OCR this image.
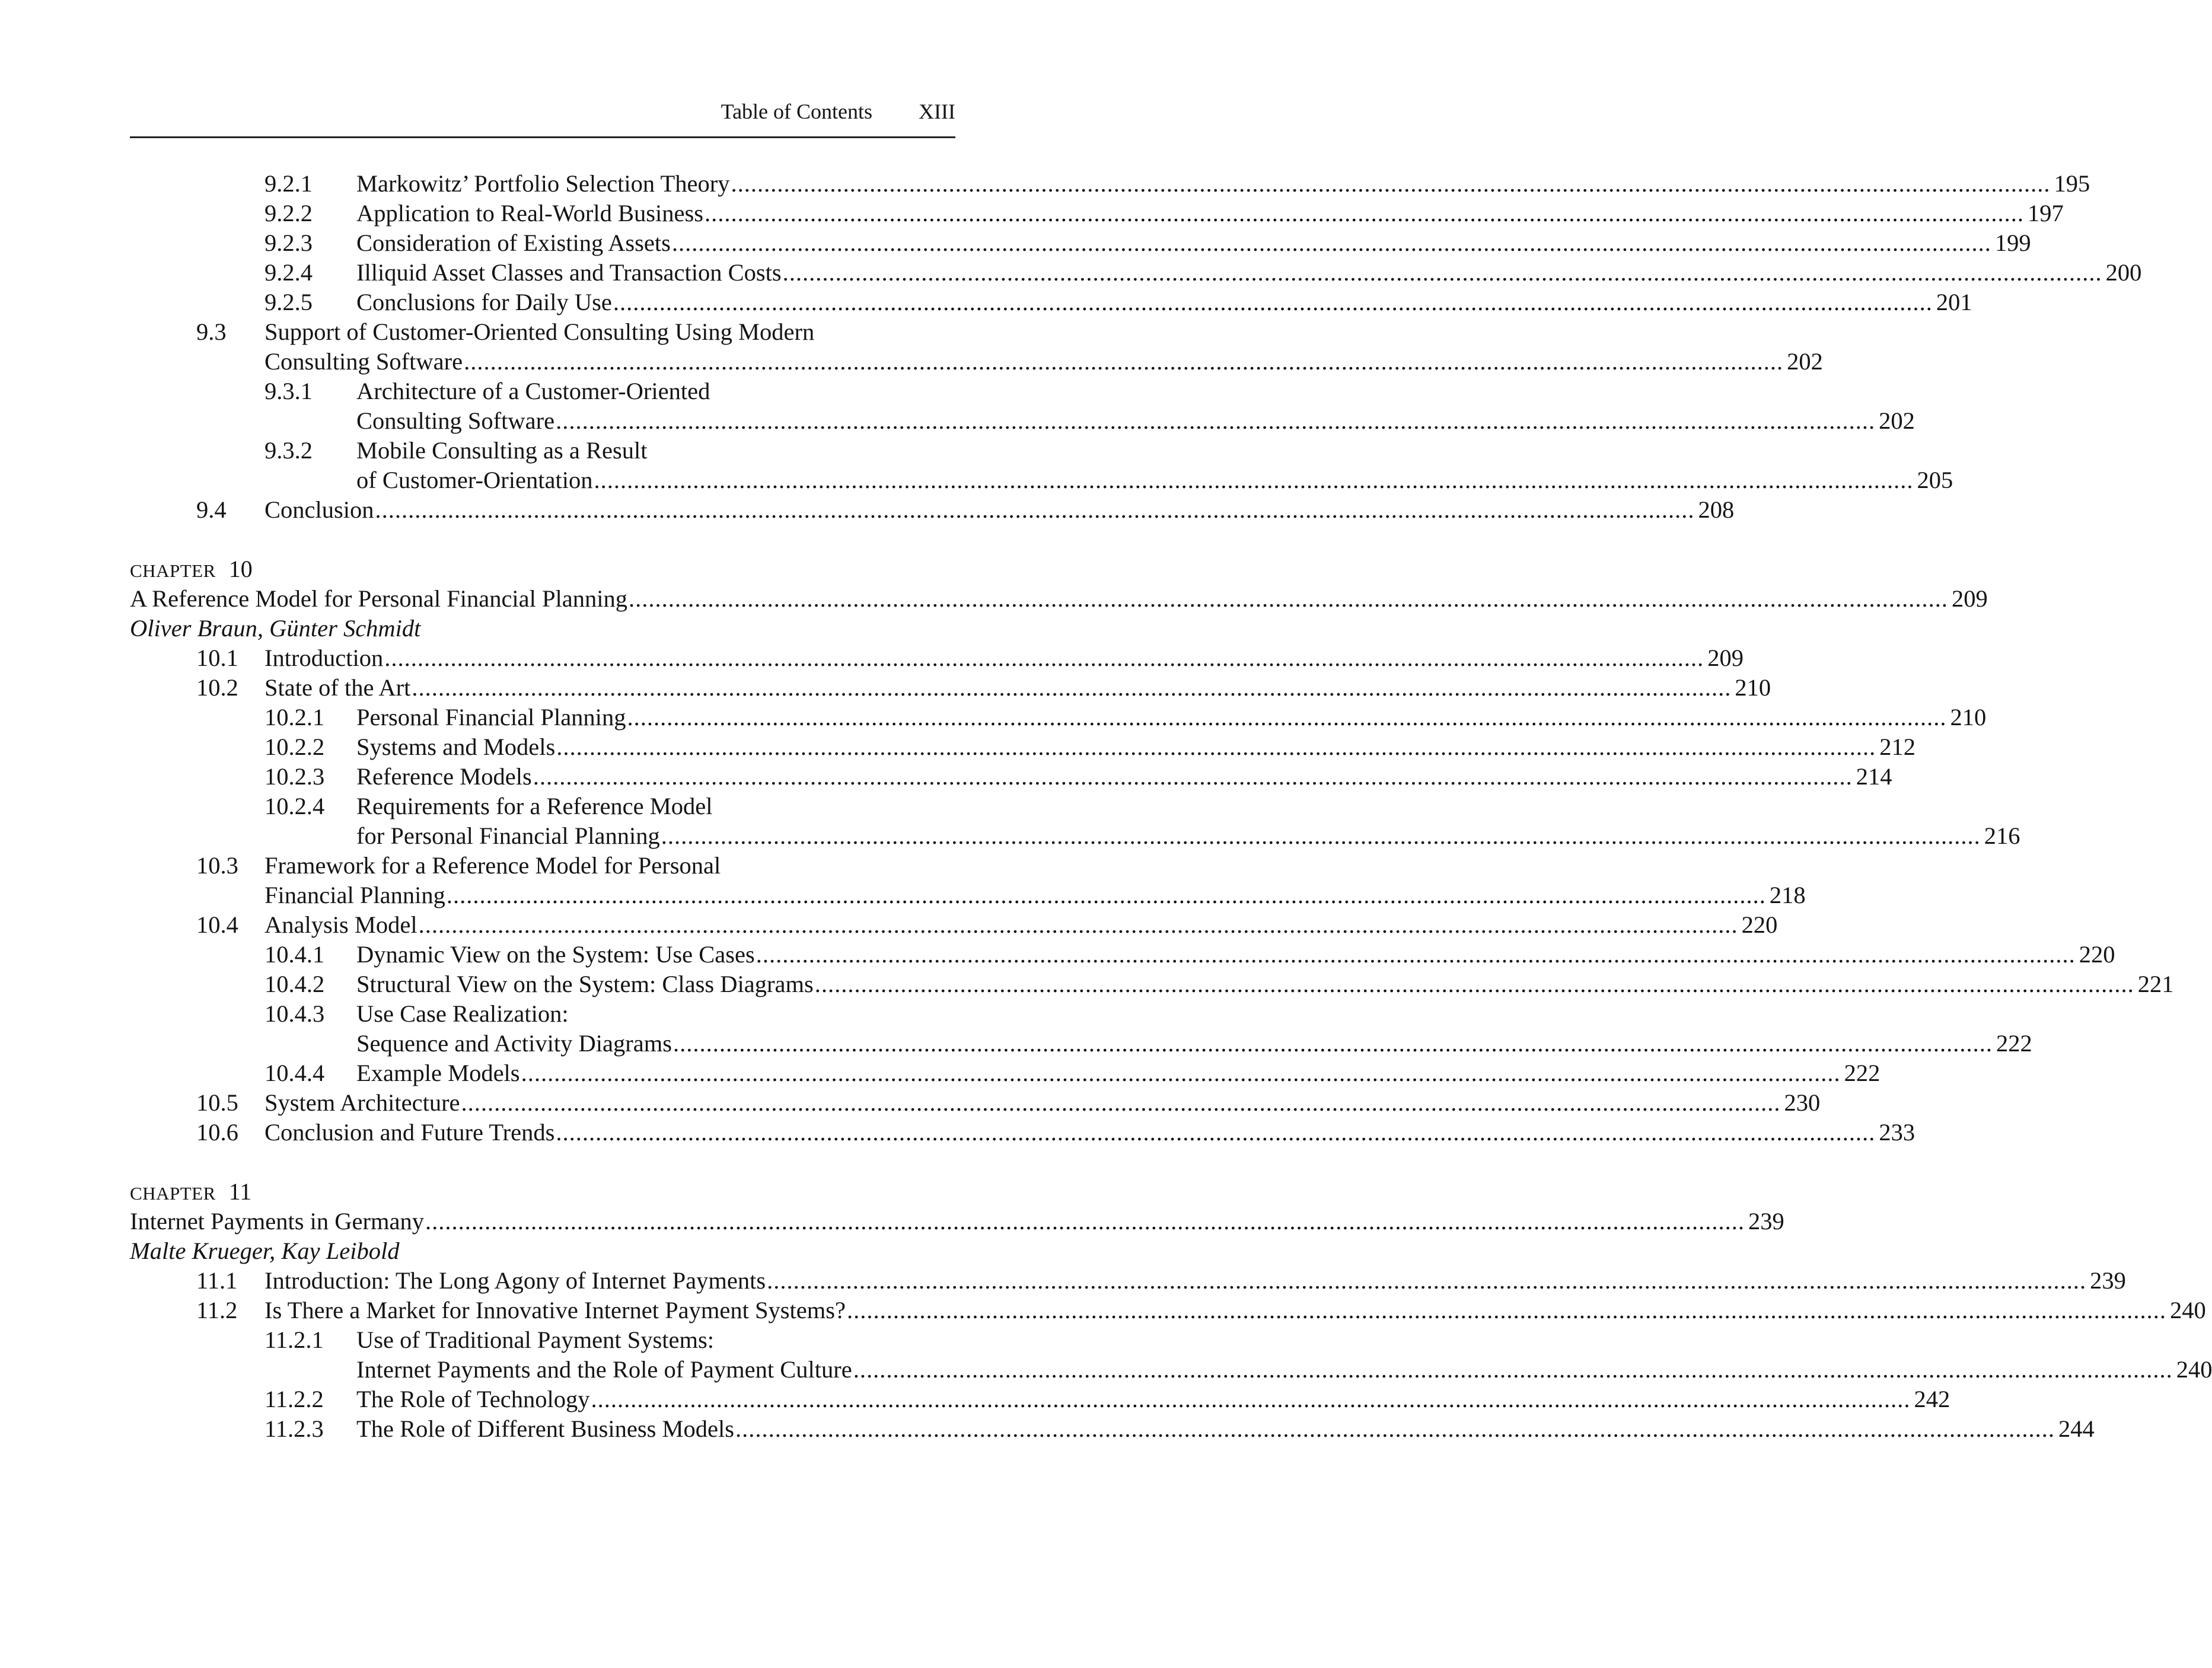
Table of Contents XIII
9.2.1 Markowitz’ Portfolio Selection Theory ........................................................................................................................................................................................................ 195
9.2.2 Application to Real-World Business ........................................................................................................................................................................................................ 197
9.2.3 Consideration of Existing Assets ........................................................................................................................................................................................................ 199
9.2.4 Illiquid Asset Classes and Transaction Costs ........................................................................................................................................................................................................ 200
9.2.5 Conclusions for Daily Use ........................................................................................................................................................................................................ 201
9.3 Support of Customer-Oriented Consulting Using Modern
Consulting Software ........................................................................................................................................................................................................ 202
9.3.1 Architecture of a Customer-Oriented
Consulting Software ........................................................................................................................................................................................................ 202
9.3.2 Mobile Consulting as a Result
of Customer-Orientation ........................................................................................................................................................................................................ 205
9.4 Conclusion ........................................................................................................................................................................................................ 208
CHAPTER 10
A Reference Model for Personal Financial Planning ........................................................................................................................................................................................................ 209
Oliver Braun, Günter Schmidt
10.1 Introduction ........................................................................................................................................................................................................ 209
10.2 State of the Art ........................................................................................................................................................................................................ 210
10.2.1 Personal Financial Planning ........................................................................................................................................................................................................ 210
10.2.2 Systems and Models ........................................................................................................................................................................................................ 212
10.2.3 Reference Models ........................................................................................................................................................................................................ 214
10.2.4 Requirements for a Reference Model
for Personal Financial Planning ........................................................................................................................................................................................................ 216
10.3 Framework for a Reference Model for Personal
Financial Planning ........................................................................................................................................................................................................ 218
10.4 Analysis Model ........................................................................................................................................................................................................ 220
10.4.1 Dynamic View on the System: Use Cases ........................................................................................................................................................................................................ 220
10.4.2 Structural View on the System: Class Diagrams ........................................................................................................................................................................................................ 221
10.4.3 Use Case Realization:
Sequence and Activity Diagrams ........................................................................................................................................................................................................ 222
10.4.4 Example Models ........................................................................................................................................................................................................ 222
10.5 System Architecture ........................................................................................................................................................................................................ 230
10.6 Conclusion and Future Trends ........................................................................................................................................................................................................ 233
CHAPTER 11
Internet Payments in Germany ........................................................................................................................................................................................................ 239
Malte Krueger, Kay Leibold
11.1 Introduction: The Long Agony of Internet Payments ........................................................................................................................................................................................................ 239
11.2 Is There a Market for Innovative Internet Payment Systems? ........................................................................................................................................................................................................ 240
11.2.1 Use of Traditional Payment Systems:
Internet Payments and the Role of Payment Culture ........................................................................................................................................................................................................ 240
11.2.2 The Role of Technology ........................................................................................................................................................................................................ 242
11.2.3 The Role of Different Business Models ........................................................................................................................................................................................................ 244
